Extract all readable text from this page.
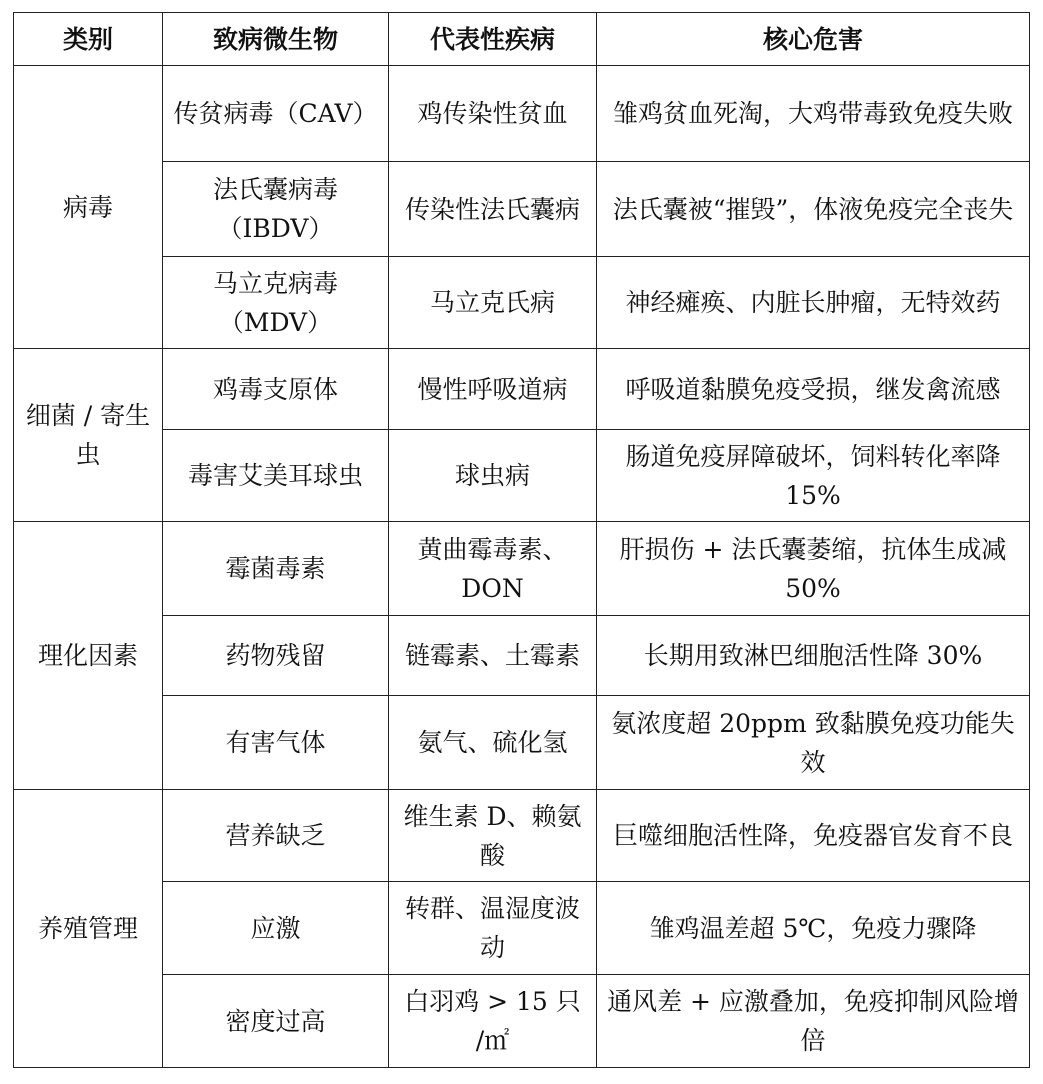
类别	致病微生物	代表性疾病	核心危害
病毒	传贫病毒（CAV）	鸡传染性贫血	雏鸡贫血死淘，大鸡带毒致免疫失败
	法氏囊病毒（IBDV）	传染性法氏囊病	法氏囊被“摧毁”，体液免疫完全丧失
	马立克病毒（MDV）	马立克氏病	神经瘫痪、内脏长肿瘤，无特效药
细菌 / 寄生虫	鸡毒支原体	慢性呼吸道病	呼吸道黏膜免疫受损，继发禽流感
	毒害艾美耳球虫	球虫病	肠道免疫屏障破坏，饲料转化率降 15%
理化因素	霉菌毒素	黄曲霉毒素、DON	肝损伤 + 法氏囊萎缩，抗体生成减 50%
	药物残留	链霉素、土霉素	长期用致淋巴细胞活性降 30%
	有害气体	氨气、硫化氢	氨浓度超 20ppm 致黏膜免疫功能失效
养殖管理	营养缺乏	维生素 D、赖氨酸	巨噬细胞活性降，免疫器官发育不良
	应激	转群、温湿度波动	雏鸡温差超 5℃，免疫力骤降
	密度过高	白羽鸡 > 15 只 /㎡	通风差 + 应激叠加，免疫抑制风险增倍
